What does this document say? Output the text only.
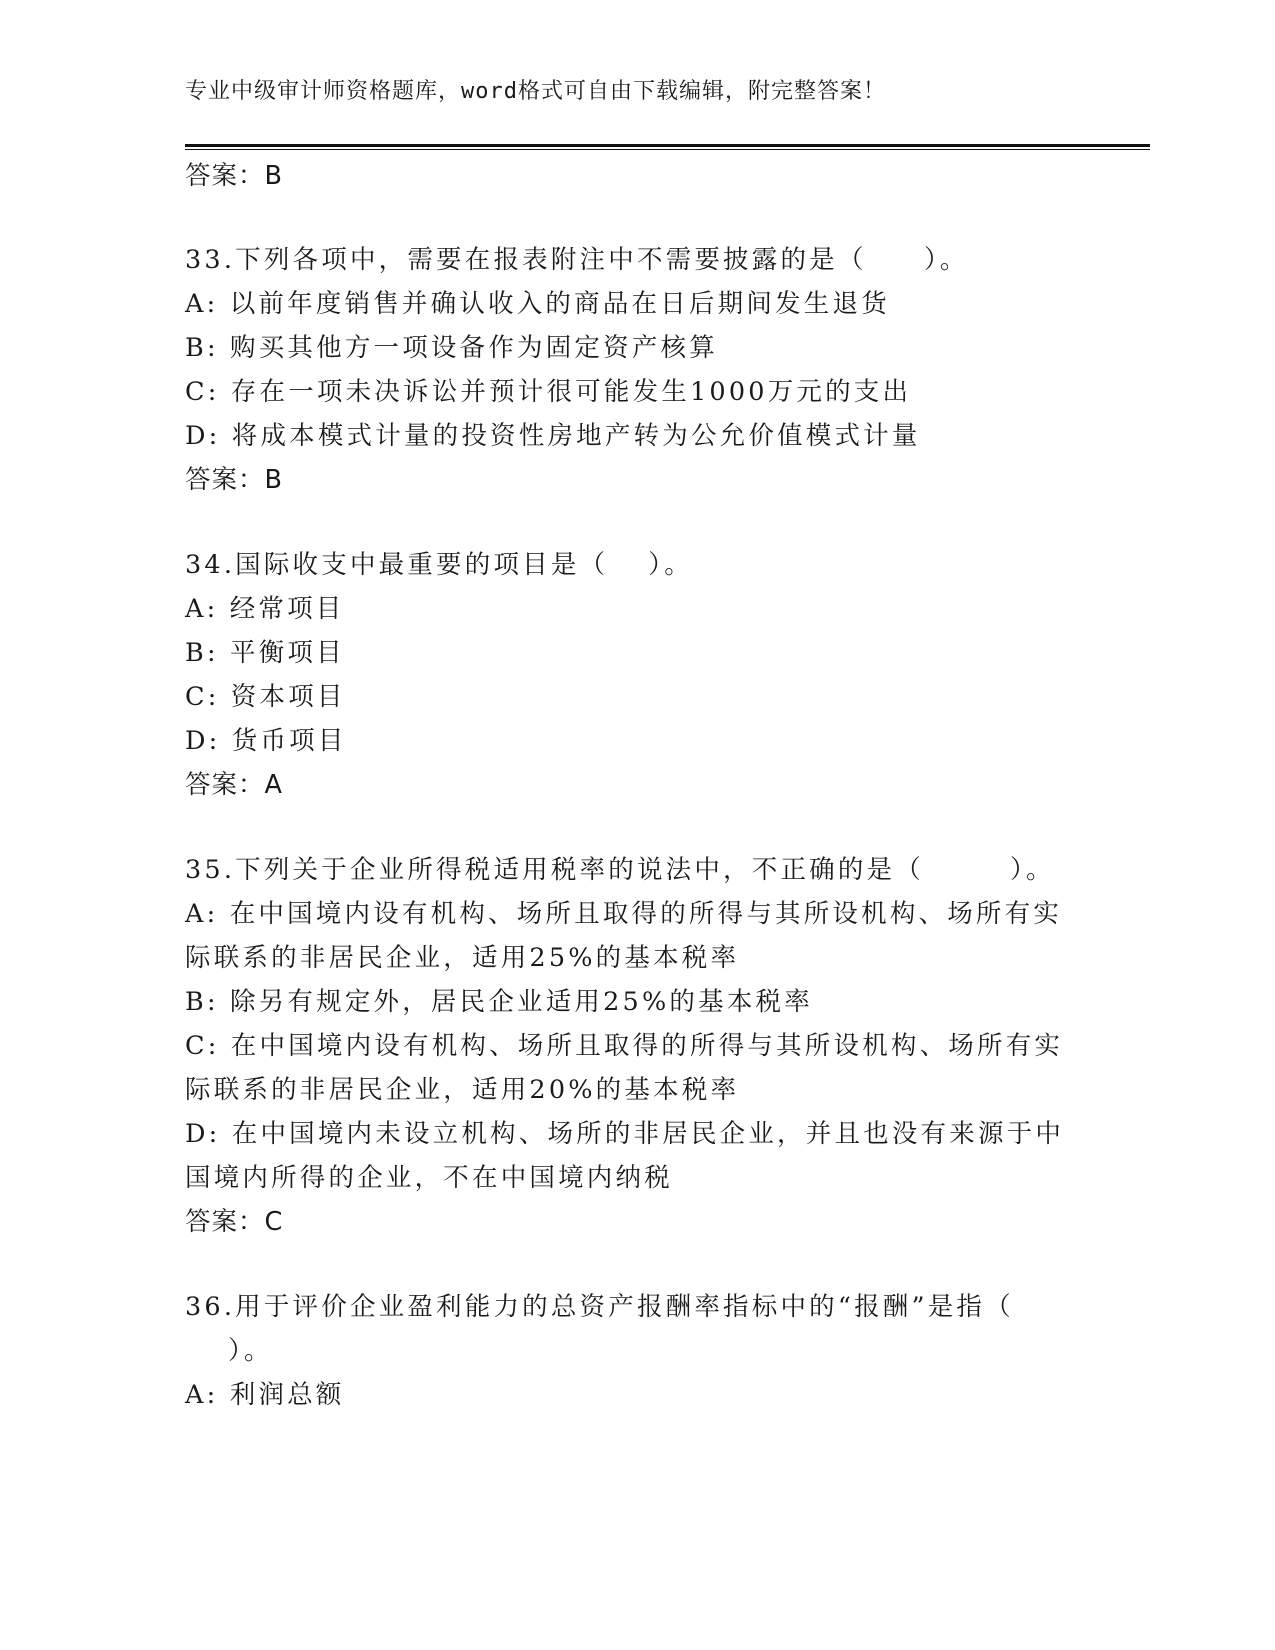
专业中级审计师资格题库，word格式可自由下载编辑，附完整答案！
答案：B
33.下列各项中，需要在报表附注中不需要披露的是（　　）。
A: 以前年度销售并确认收入的商品在日后期间发生退货
B: 购买其他方一项设备作为固定资产核算
C: 存在一项未决诉讼并预计很可能发生1000万元的支出
D: 将成本模式计量的投资性房地产转为公允价值模式计量
答案：B
34.国际收支中最重要的项目是（　 ）。
A: 经常项目
B: 平衡项目
C: 资本项目
D: 货币项目
答案：A
35.下列关于企业所得税适用税率的说法中，不正确的是（　　　）。
A: 在中国境内设有机构、场所且取得的所得与其所设机构、场所有实
际联系的非居民企业，适用25%的基本税率
B: 除另有规定外，居民企业适用25%的基本税率
C: 在中国境内设有机构、场所且取得的所得与其所设机构、场所有实
际联系的非居民企业，适用20%的基本税率
D: 在中国境内未设立机构、场所的非居民企业，并且也没有来源于中
国境内所得的企业，不在中国境内纳税
答案：C
36.用于评价企业盈利能力的总资产报酬率指标中的“报酬”是指（
）。
A: 利润总额
